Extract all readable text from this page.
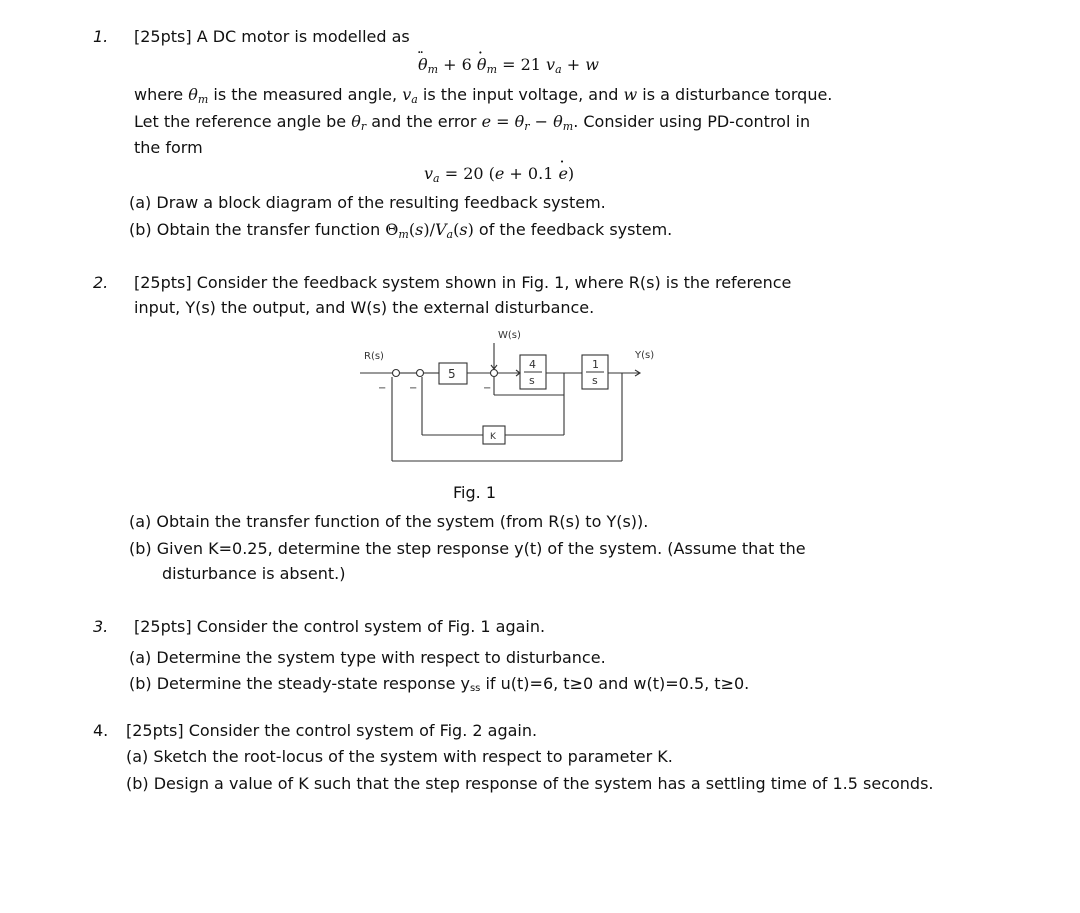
1. [25pts] A DC motor is modelled as
·· $\theta_m + 6 \cdot \theta_m = 21$ $v_a + w$
where $\theta_m$ is the measured angle, $v_a$ is the input voltage, and w is a disturbance torque.
Let the reference angle be $\theta_r$ and the error $e = \theta_r - \theta_m$. Consider using PD-control in
the form
$v_a = 20$ (e + 0.1 · e)
(a) Draw a block diagram of the resulting feedback system.
(b) Obtain the transfer function $\Theta_m(s)/V_a(s)$ of the feedback system.
2. [25pts] Consider the feedback system shown in Fig. 1, where R(s) is the reference
input, Y(s) the output, and W(s) the external disturbance.
R(s)
W(s)
Y(s)
5
4
s
1
s
K
− −	−
Fig. 1
(a) Obtain the transfer function of the system (from R(s) to Y(s)).
(b) Given K=0.25, determine the step response y(t) of the system. (Assume that the
disturbance is absent.)
3. [25pts] Consider the control system of Fig. 1 again.
(a) Determine the system type with respect to disturbance.
(b) Determine the steady-state response $y_{ss}$ if u(t)=6, t≥0 and w(t)=0.5, t≥0.
4. [25pts] Consider the control system of Fig. 2 again.
(a) Sketch the root-locus of the system with respect to parameter K.
(b) Design a value of K such that the step response of the system has a settling time of 1.5 seconds.
